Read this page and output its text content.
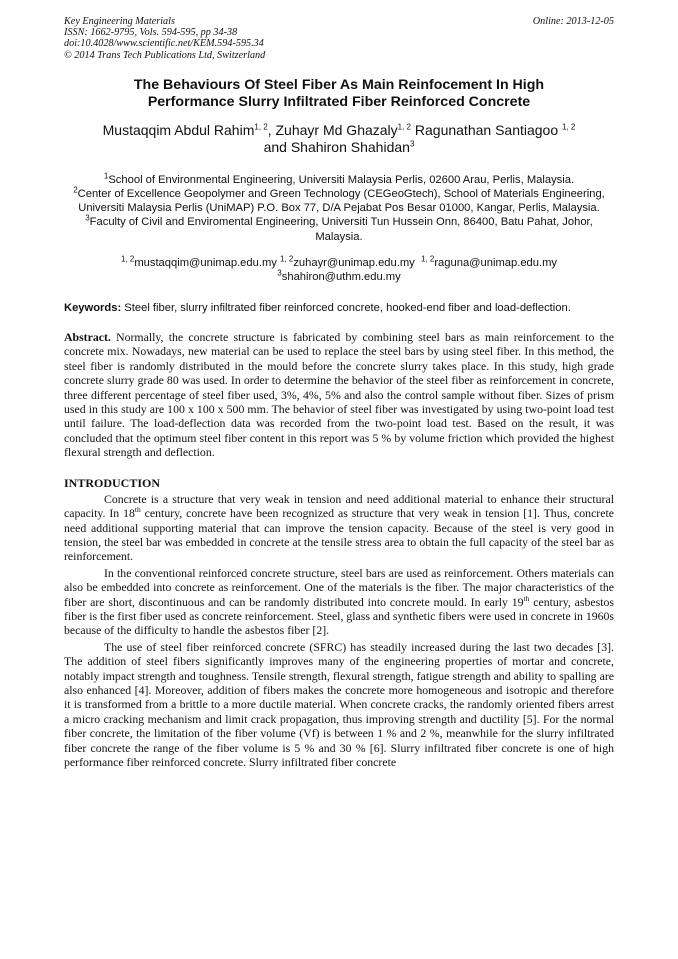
Key Engineering Materials
ISSN: 1662-9795, Vols. 594-595, pp 34-38
doi:10.4028/www.scientific.net/KEM.594-595.34
© 2014 Trans Tech Publications Ltd, Switzerland
Online: 2013-12-05
The Behaviours Of Steel Fiber As Main Reinfocement In High
Performance Slurry Infiltrated Fiber Reinforced Concrete
Mustaqqim Abdul Rahim$^{1, 2}$, Zuhayr Md Ghazaly$^{1, 2}$ Ragunathan Santiagoo $^{1, 2}$
and Shahiron Shahidan$^3$
$^1$School of Environmental Engineering, Universiti Malaysia Perlis, 02600 Arau, Perlis, Malaysia.
$^2$Center of Excellence Geopolymer and Green Technology (CEGeoGtech), School of Materials Engineering, Universiti Malaysia Perlis (UniMAP) P.O. Box 77, D/A Pejabat Pos Besar 01000, Kangar, Perlis, Malaysia.
$^3$Faculty of Civil and Enviromental Engineering, Universiti Tun Hussein Onn, 86400, Batu Pahat, Johor, Malaysia.
$^{1, 2}$mustaqqim@unimap.edu.my $^{1, 2}$zuhayr@unimap.edu.my $^{1, 2}$raguna@unimap.edu.my
$^3$shahiron@uthm.edu.my
Keywords: Steel fiber, slurry infiltrated fiber reinforced concrete, hooked-end fiber and load-deflection.
Abstract. Normally, the concrete structure is fabricated by combining steel bars as main reinforcement to the concrete mix. Nowadays, new material can be used to replace the steel bars by using steel fiber. In this method, the steel fiber is randomly distributed in the mould before the concrete slurry takes place. In this study, high grade concrete slurry grade 80 was used. In order to determine the behavior of the steel fiber as reinforcement in concrete, three different percentage of steel fiber used, 3%, 4%, 5% and also the control sample without fiber. Sizes of prism used in this study are 100 x 100 x 500 mm. The behavior of steel fiber was investigated by using two-point load test until failure. The load-deflection data was recorded from the two-point load test. Based on the result, it was concluded that the optimum steel fiber content in this report was 5 % by volume friction which provided the highest flexural strength and deflection.
INTRODUCTION
Concrete is a structure that very weak in tension and need additional material to enhance their structural capacity. In 18th century, concrete have been recognized as structure that very weak in tension [1]. Thus, concrete need additional supporting material that can improve the tension capacity. Because of the steel is very good in tension, the steel bar was embedded in concrete at the tensile stress area to obtain the full capacity of the steel bar as reinforcement.
In the conventional reinforced concrete structure, steel bars are used as reinforcement. Others materials can also be embedded into concrete as reinforcement. One of the materials is the fiber. The major characteristics of the fiber are short, discontinuous and can be randomly distributed into concrete mould. In early 19th century, asbestos fiber is the first fiber used as concrete reinforcement. Steel, glass and synthetic fibers were used in concrete in 1960s because of the difficulty to handle the asbestos fiber [2].
The use of steel fiber reinforced concrete (SFRC) has steadily increased during the last two decades [3]. The addition of steel fibers significantly improves many of the engineering properties of mortar and concrete, notably impact strength and toughness. Tensile strength, flexural strength, fatigue strength and ability to spalling are also enhanced [4]. Moreover, addition of fibers makes the concrete more homogeneous and isotropic and therefore it is transformed from a brittle to a more ductile material. When concrete cracks, the randomly oriented fibers arrest a micro cracking mechanism and limit crack propagation, thus improving strength and ductility [5]. For the normal fiber concrete, the limitation of the fiber volume (Vf) is between 1 % and 2 %, meanwhile for the slurry infiltrated fiber concrete the range of the fiber volume is 5 % and 30 % [6]. Slurry infiltrated fiber concrete is one of high performance fiber reinforced concrete. Slurry infiltrated fiber concrete
